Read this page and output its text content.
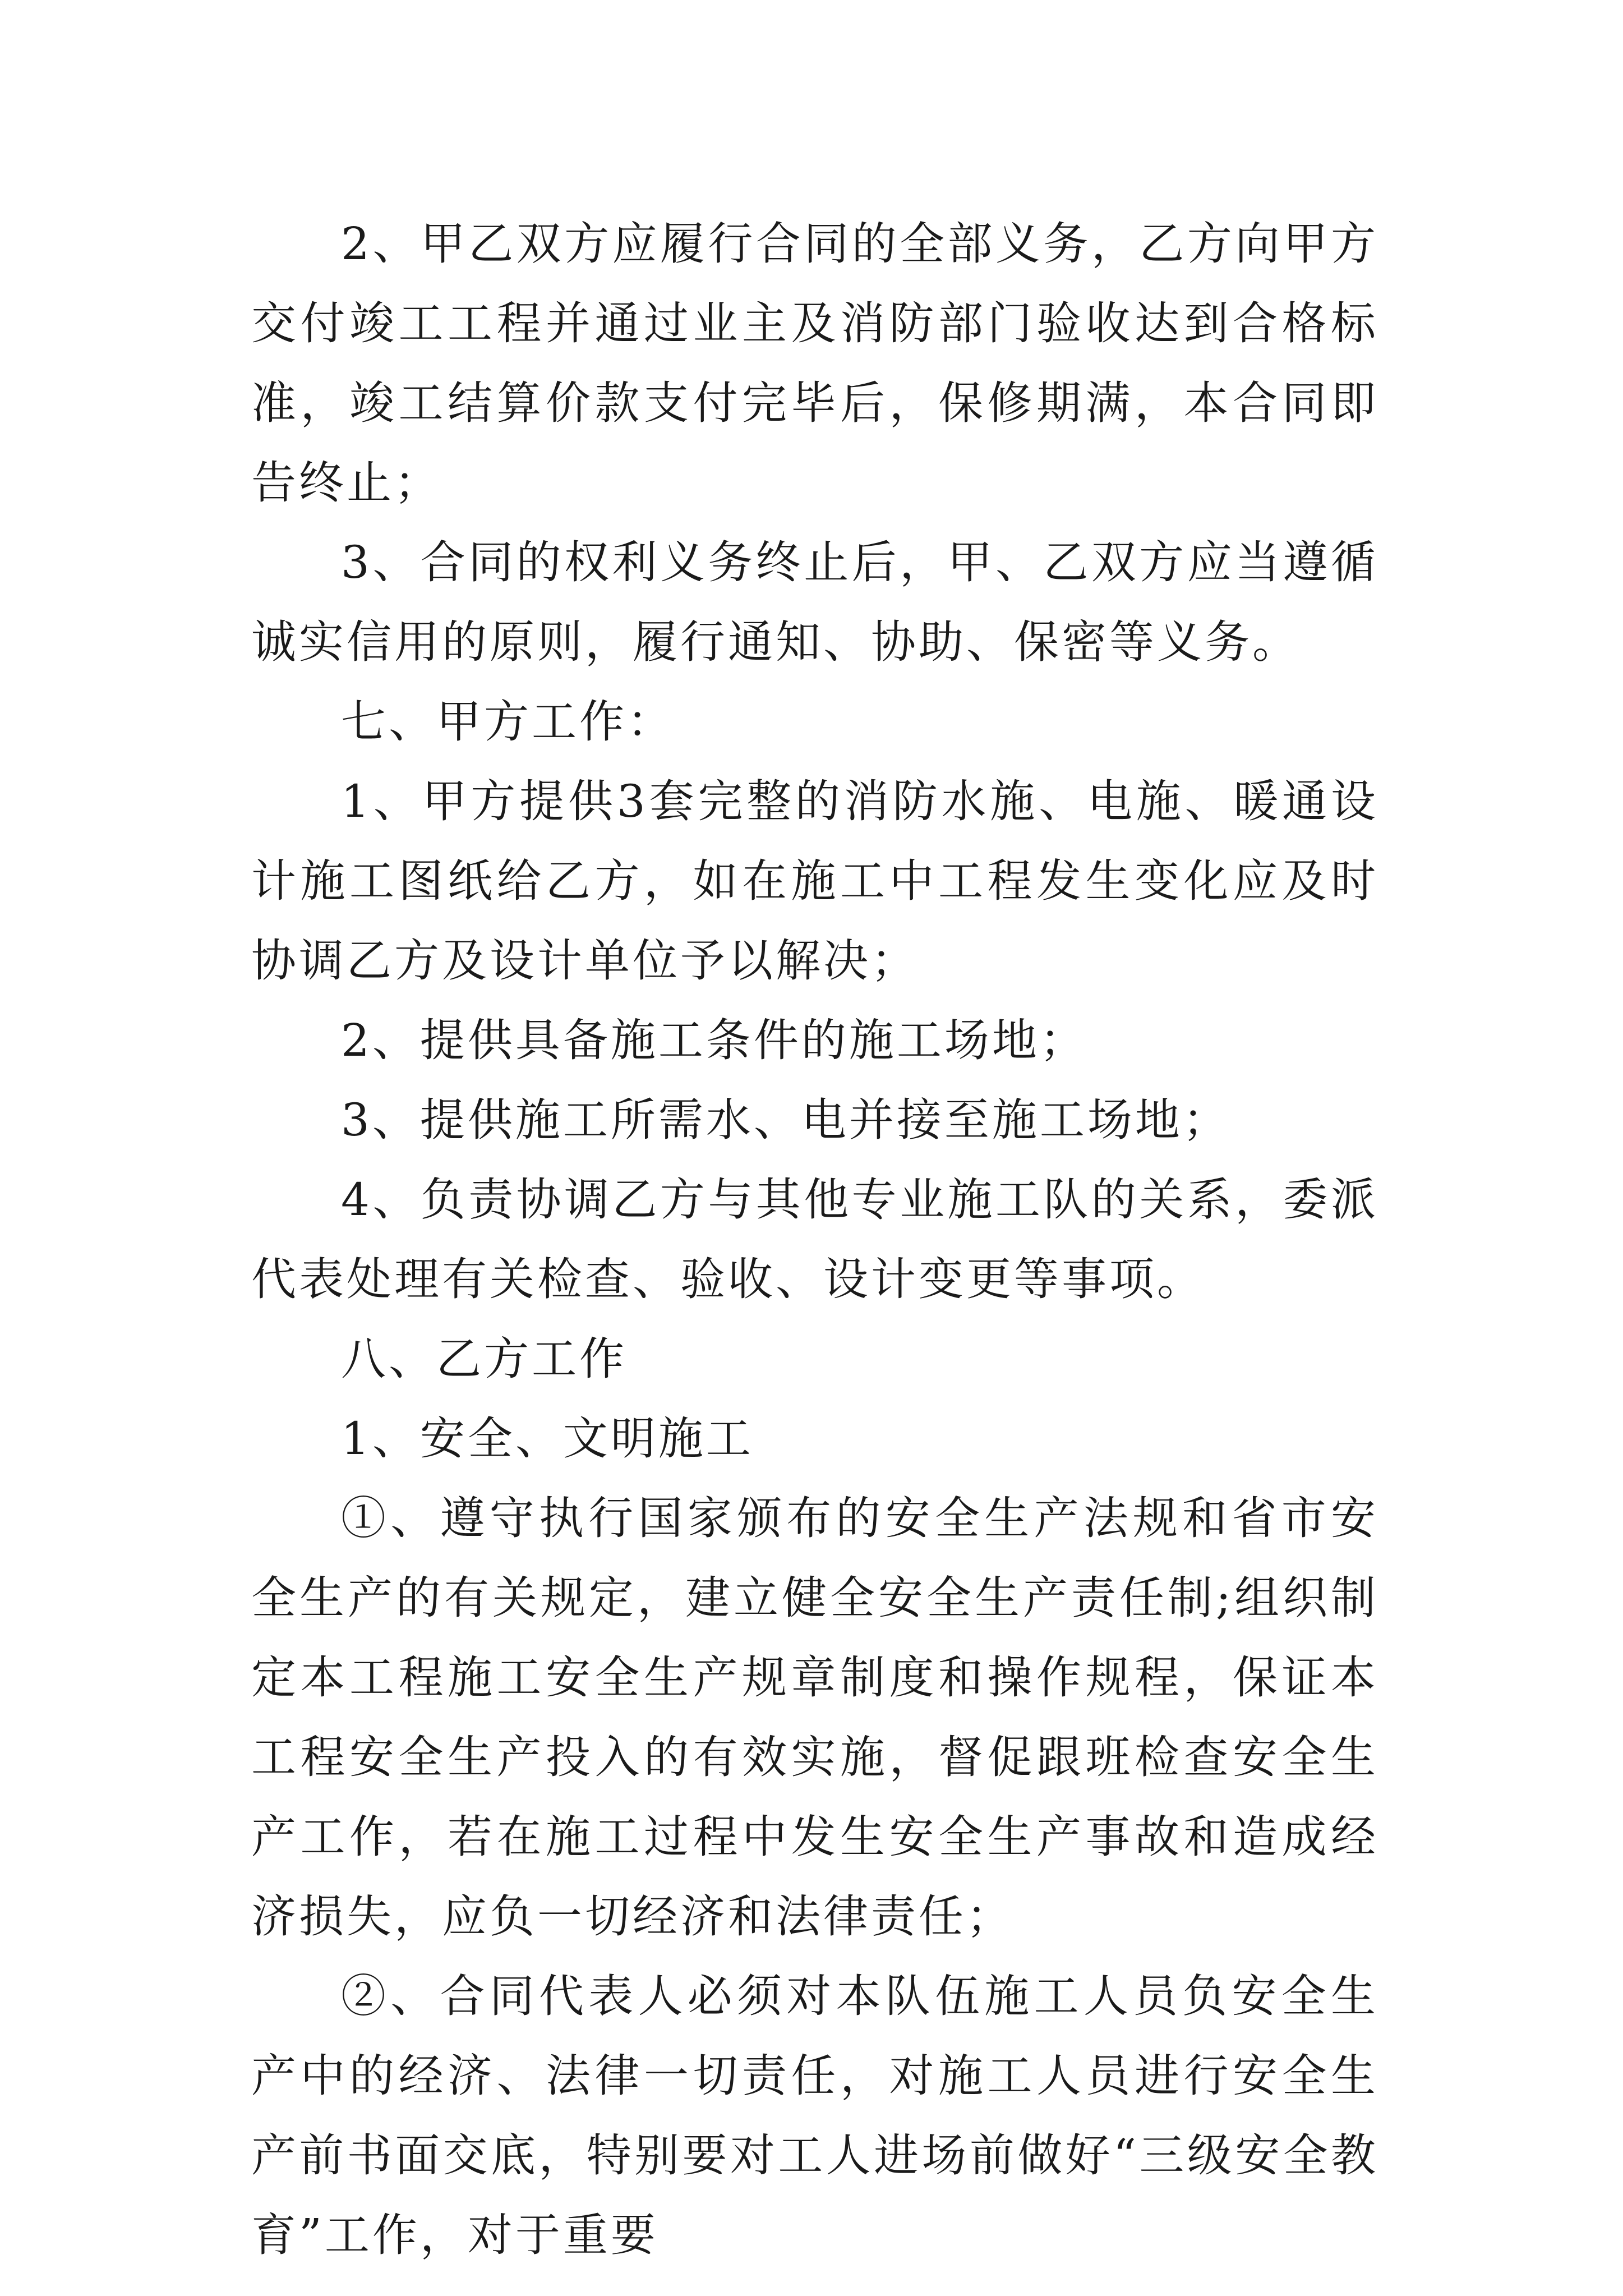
2、甲乙双方应履行合同的全部义务，乙方向甲方交付竣工工程并通过业主及消防部门验收达到合格标准，竣工结算价款支付完毕后，保修期满，本合同即告终止；

3、合同的权利义务终止后，甲、乙双方应当遵循诚实信用的原则，履行通知、协助、保密等义务。

七、甲方工作：

1、甲方提供3套完整的消防水施、电施、暖通设计施工图纸给乙方，如在施工中工程发生变化应及时协调乙方及设计单位予以解决；

2、提供具备施工条件的施工场地；

3、提供施工所需水、电并接至施工场地；

4、负责协调乙方与其他专业施工队的关系，委派代表处理有关检查、验收、设计变更等事项。

八、乙方工作

1、安全、文明施工

①、遵守执行国家颁布的安全生产法规和省市安全生产的有关规定，建立健全安全生产责任制;组织制定本工程施工安全生产规章制度和操作规程，保证本工程安全生产投入的有效实施，督促跟班检查安全生产工作，若在施工过程中发生安全生产事故和造成经济损失，应负一切经济和法律责任；

②、合同代表人必须对本队伍施工人员负安全生产中的经济、法律一切责任，对施工人员进行安全生产前书面交底，特别要对工人进场前做好“三级安全教育”工作，对于重要
